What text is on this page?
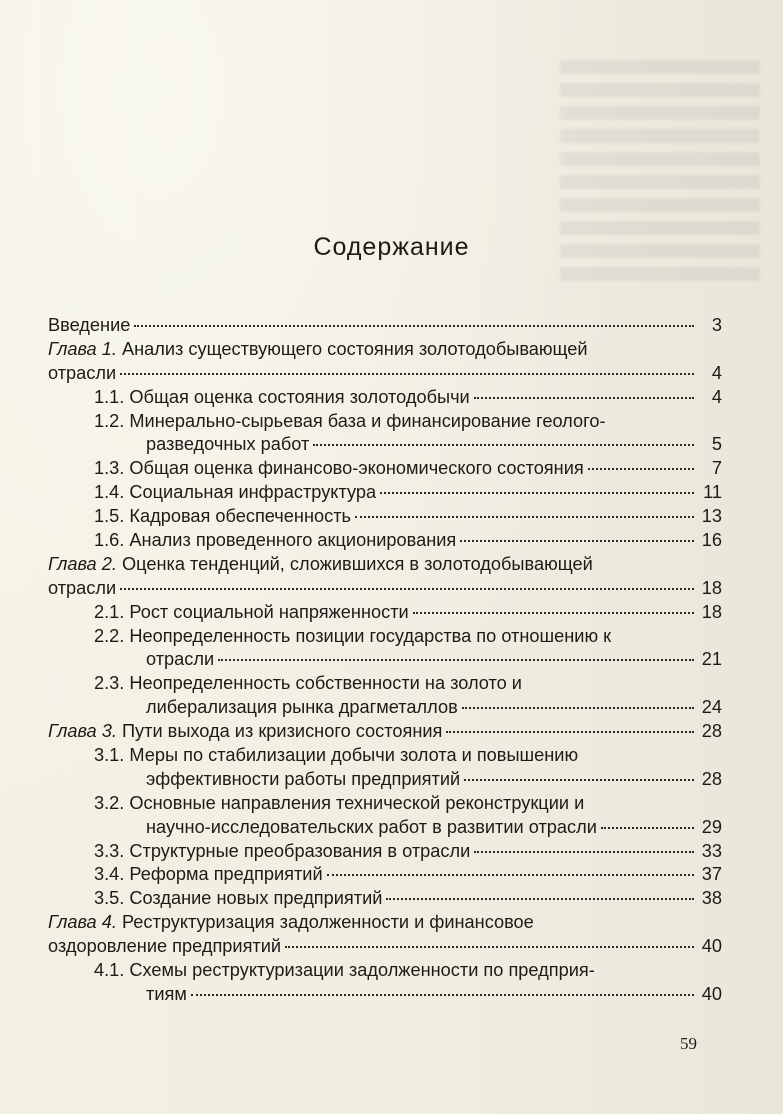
Содержание
Введение	3
Глава 1. Анализ существующего состояния золотодобывающей
отрасли	4
1.1. Общая оценка состояния золотодобычи	4
1.2. Минерально-сырьевая база и финансирование геолого-
разведочных работ	5
1.3. Общая оценка финансово-экономического состояния	7
1.4. Социальная инфраструктура	11
1.5. Кадровая обеспеченность	13
1.6. Анализ проведенного акционирования	16
Глава 2. Оценка тенденций, сложившихся в золотодобывающей
отрасли	18
2.1. Рост социальной напряженности	18
2.2. Неопределенность позиции государства по отношению к
отрасли	21
2.3. Неопределенность собственности на золото и
либерализация рынка драгметаллов	24
Глава 3. Пути выхода из кризисного состояния	28
3.1. Меры по стабилизации добычи золота и повышению
эффективности работы предприятий	28
3.2. Основные направления технической реконструкции и
научно-исследовательских работ в развитии отрасли	29
3.3. Структурные преобразования в отрасли	33
3.4. Реформа предприятий	37
3.5. Создание новых предприятий	38
Глава 4. Реструктуризация задолженности и финансовое
оздоровление предприятий	40
4.1. Схемы реструктуризации задолженности по предприя-
тиям	40
59
